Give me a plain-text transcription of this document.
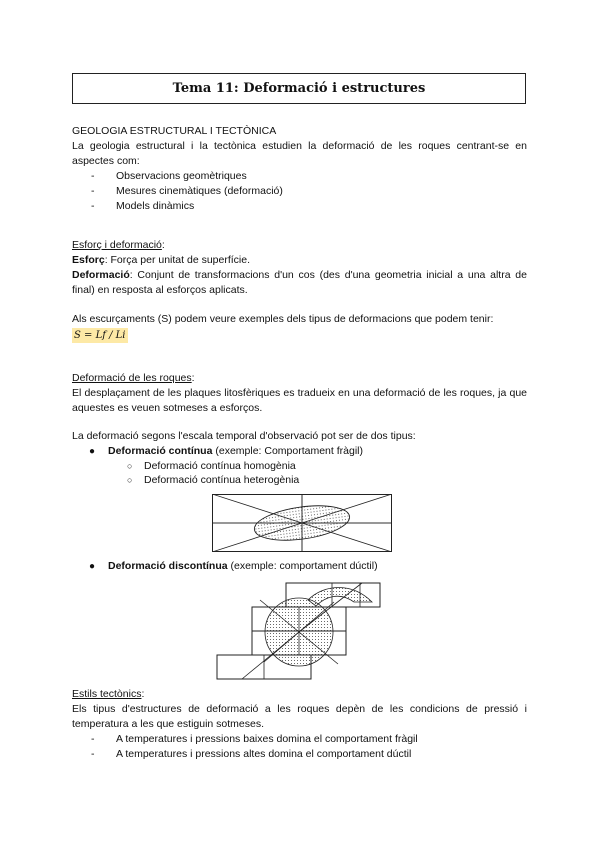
Tema 11: Deformació i estructures
GEOLOGIA ESTRUCTURAL I TECTÒNICA
La geologia estructural i la tectònica estudien la deformació de les roques centrant-se en aspectes com:
- Observacions geomètriques
- Mesures cinemàtiques (deformació)
- Models dinàmics
Esforç i deformació:
Esforç: Força per unitat de superfície.
Deformació: Conjunt de transformacions d'un cos (des d'una geometria inicial a una altra de final) en resposta al esforços aplicats.
Als escurçaments (S) podem veure exemples dels tipus de deformacions que podem tenir:
S = Lf / Li
Deformació de les roques:
El desplaçament de les plaques litosfèriques es tradueix en una deformació de les roques, ja que aquestes es veuen sotmeses a esforços.
La deformació segons l'escala temporal d'observació pot ser de dos tipus:
● Deformació contínua (exemple: Comportament fràgil)
○ Deformació contínua homogènia
○ Deformació contínua heterogènia
● Deformació discontínua (exemple: comportament dúctil)
Estils tectònics:
Els tipus d'estructures de deformació a les roques depèn de les condicions de pressió i temperatura a les que estiguin sotmeses.
- A temperatures i pressions baixes domina el comportament fràgil
- A temperatures i pressions altes domina el comportament dúctil
